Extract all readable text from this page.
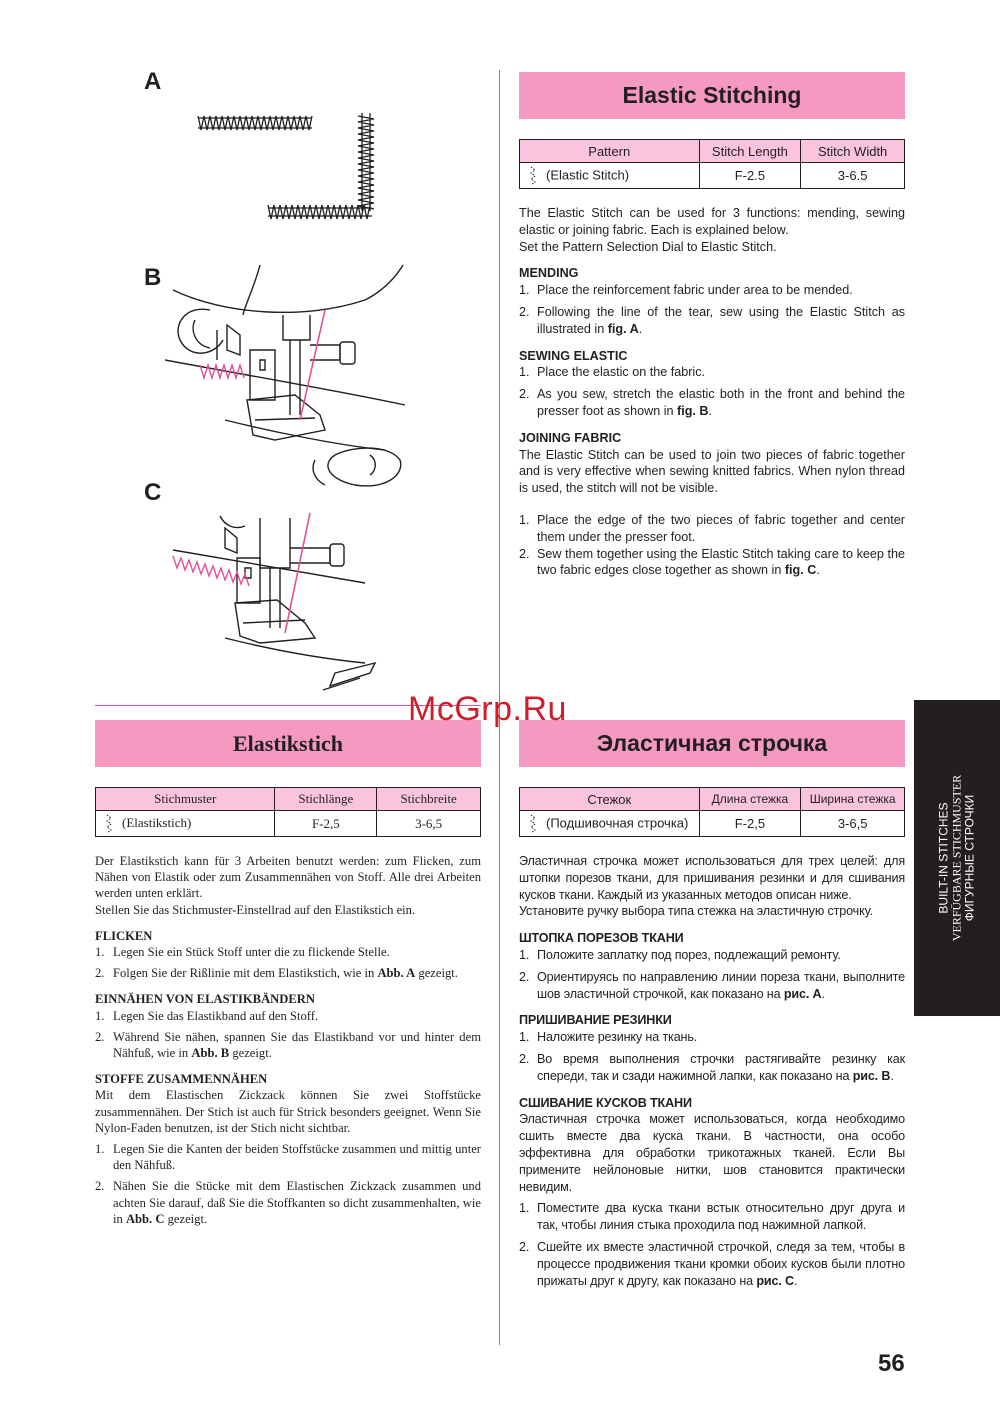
A
B
C
Elastic Stitching
Pattern	Stitch Length	Stitch Width
(Elastic Stitch)	F-2.5	3-6.5

The Elastic Stitch can be used for 3 functions: mending, sewing elastic or joining fabric. Each is explained below.

Set the Pattern Selection Dial to Elastic Stitch.

MENDING
1. Place the reinforcement fabric under area to be mended.
2. Following the line of the tear, sew using the Elastic Stitch as illustrated in fig. A.
SEWING ELASTIC
1. Place the elastic on the fabric.
2. As you sew, stretch the elastic both in the front and behind the presser foot as shown in fig. B.
JOINING FABRIC

The Elastic Stitch can be used to join two pieces of fabric together and is very effective when sewing knitted fabrics. When nylon thread is used, the stitch will not be visible.

1. Place the edge of the two pieces of fabric together and center them under the presser foot.
2. Sew them together using the Elastic Stitch taking care to keep the two fabric edges close together as shown in fig. C.
Elastikstich
Stichmuster	Stichlänge	Stichbreite
(Elastikstich)	F-2,5	3-6,5

Der Elastikstich kann für 3 Arbeiten benutzt werden: zum Flicken, zum Nähen von Elastik oder zum Zusammennähen von Stoff. Alle drei Arbeiten werden unten erklärt.

Stellen Sie das Stichmuster-Einstellrad auf den Elastikstich ein.

FLICKEN
1. Legen Sie ein Stück Stoff unter die zu flickende Stelle.
2. Folgen Sie der Rißlinie mit dem Elastikstich, wie in Abb. A gezeigt.
EINNÄHEN VON ELASTIKBÄNDERN
1. Legen Sie das Elastikband auf den Stoff.
2. Während Sie nähen, spannen Sie das Elastikband vor und hinter dem Nähfuß, wie in Abb. B gezeigt.
STOFFE ZUSAMMENNÄHEN

Mit dem Elastischen Zickzack können Sie zwei Stoffstücke zusammennähen. Der Stich ist auch für Strick besonders geeignet. Wenn Sie Nylon-Faden benutzen, ist der Stich nicht sichtbar.

1. Legen Sie die Kanten der beiden Stoffstücke zusammen und mittig unter den Nähfuß.
2. Nähen Sie die Stücke mit dem Elastischen Zickzack zusammen und achten Sie darauf, daß Sie die Stoffkanten so dicht zusammenhalten, wie in Abb. C gezeigt.
Эластичная строчка
Стежок	Длина стежка	Ширина стежка
(Подшивочная строчка)	F-2,5	3-6,5

Эластичная строчка может использоваться для трех целей: для штопки порезов ткани, для пришивания резинки и для сшивания кусков ткани. Каждый из указанных методов описан ниже.

Установите ручку выбора типа стежка на эластичную строчку.

ШТОПКА ПОРЕЗОВ ТКАНИ
1. Положите заплатку под порез, подлежащий ремонту.
2. Ориентируясь по направлению линии пореза ткани, выполните шов эластичной строчкой, как показано на рис. А.
ПРИШИВАНИЕ РЕЗИНКИ
1. Наложите резинку на ткань.
2. Во время выполнения строчки растягивайте резинку как спереди, так и сзади нажимной лапки, как показано на рис. В.
СШИВАНИЕ КУСКОВ ТКАНИ

Эластичная строчка может использоваться, когда необходимо сшить вместе два куска ткани. В частности, она особо эффективна для обработки трикотажных тканей. Если Вы примените нейлоновые нитки, шов становится практически невидим.

1. Поместите два куска ткани встык относительно друг друга и так, чтобы линия стыка проходила под нажимной лапкой.
2. Сшейте их вместе эластичной строчкой, следя за тем, чтобы в процессе продвижения ткани кромки обоих кусков были плотно прижаты друг к другу, как показано на рис. С.
BUILT-IN STITCHES VERFÜGBARE STICHMUSTER ФИГУРНЫЕ СТРОЧКИ
McGrp.Ru
56
